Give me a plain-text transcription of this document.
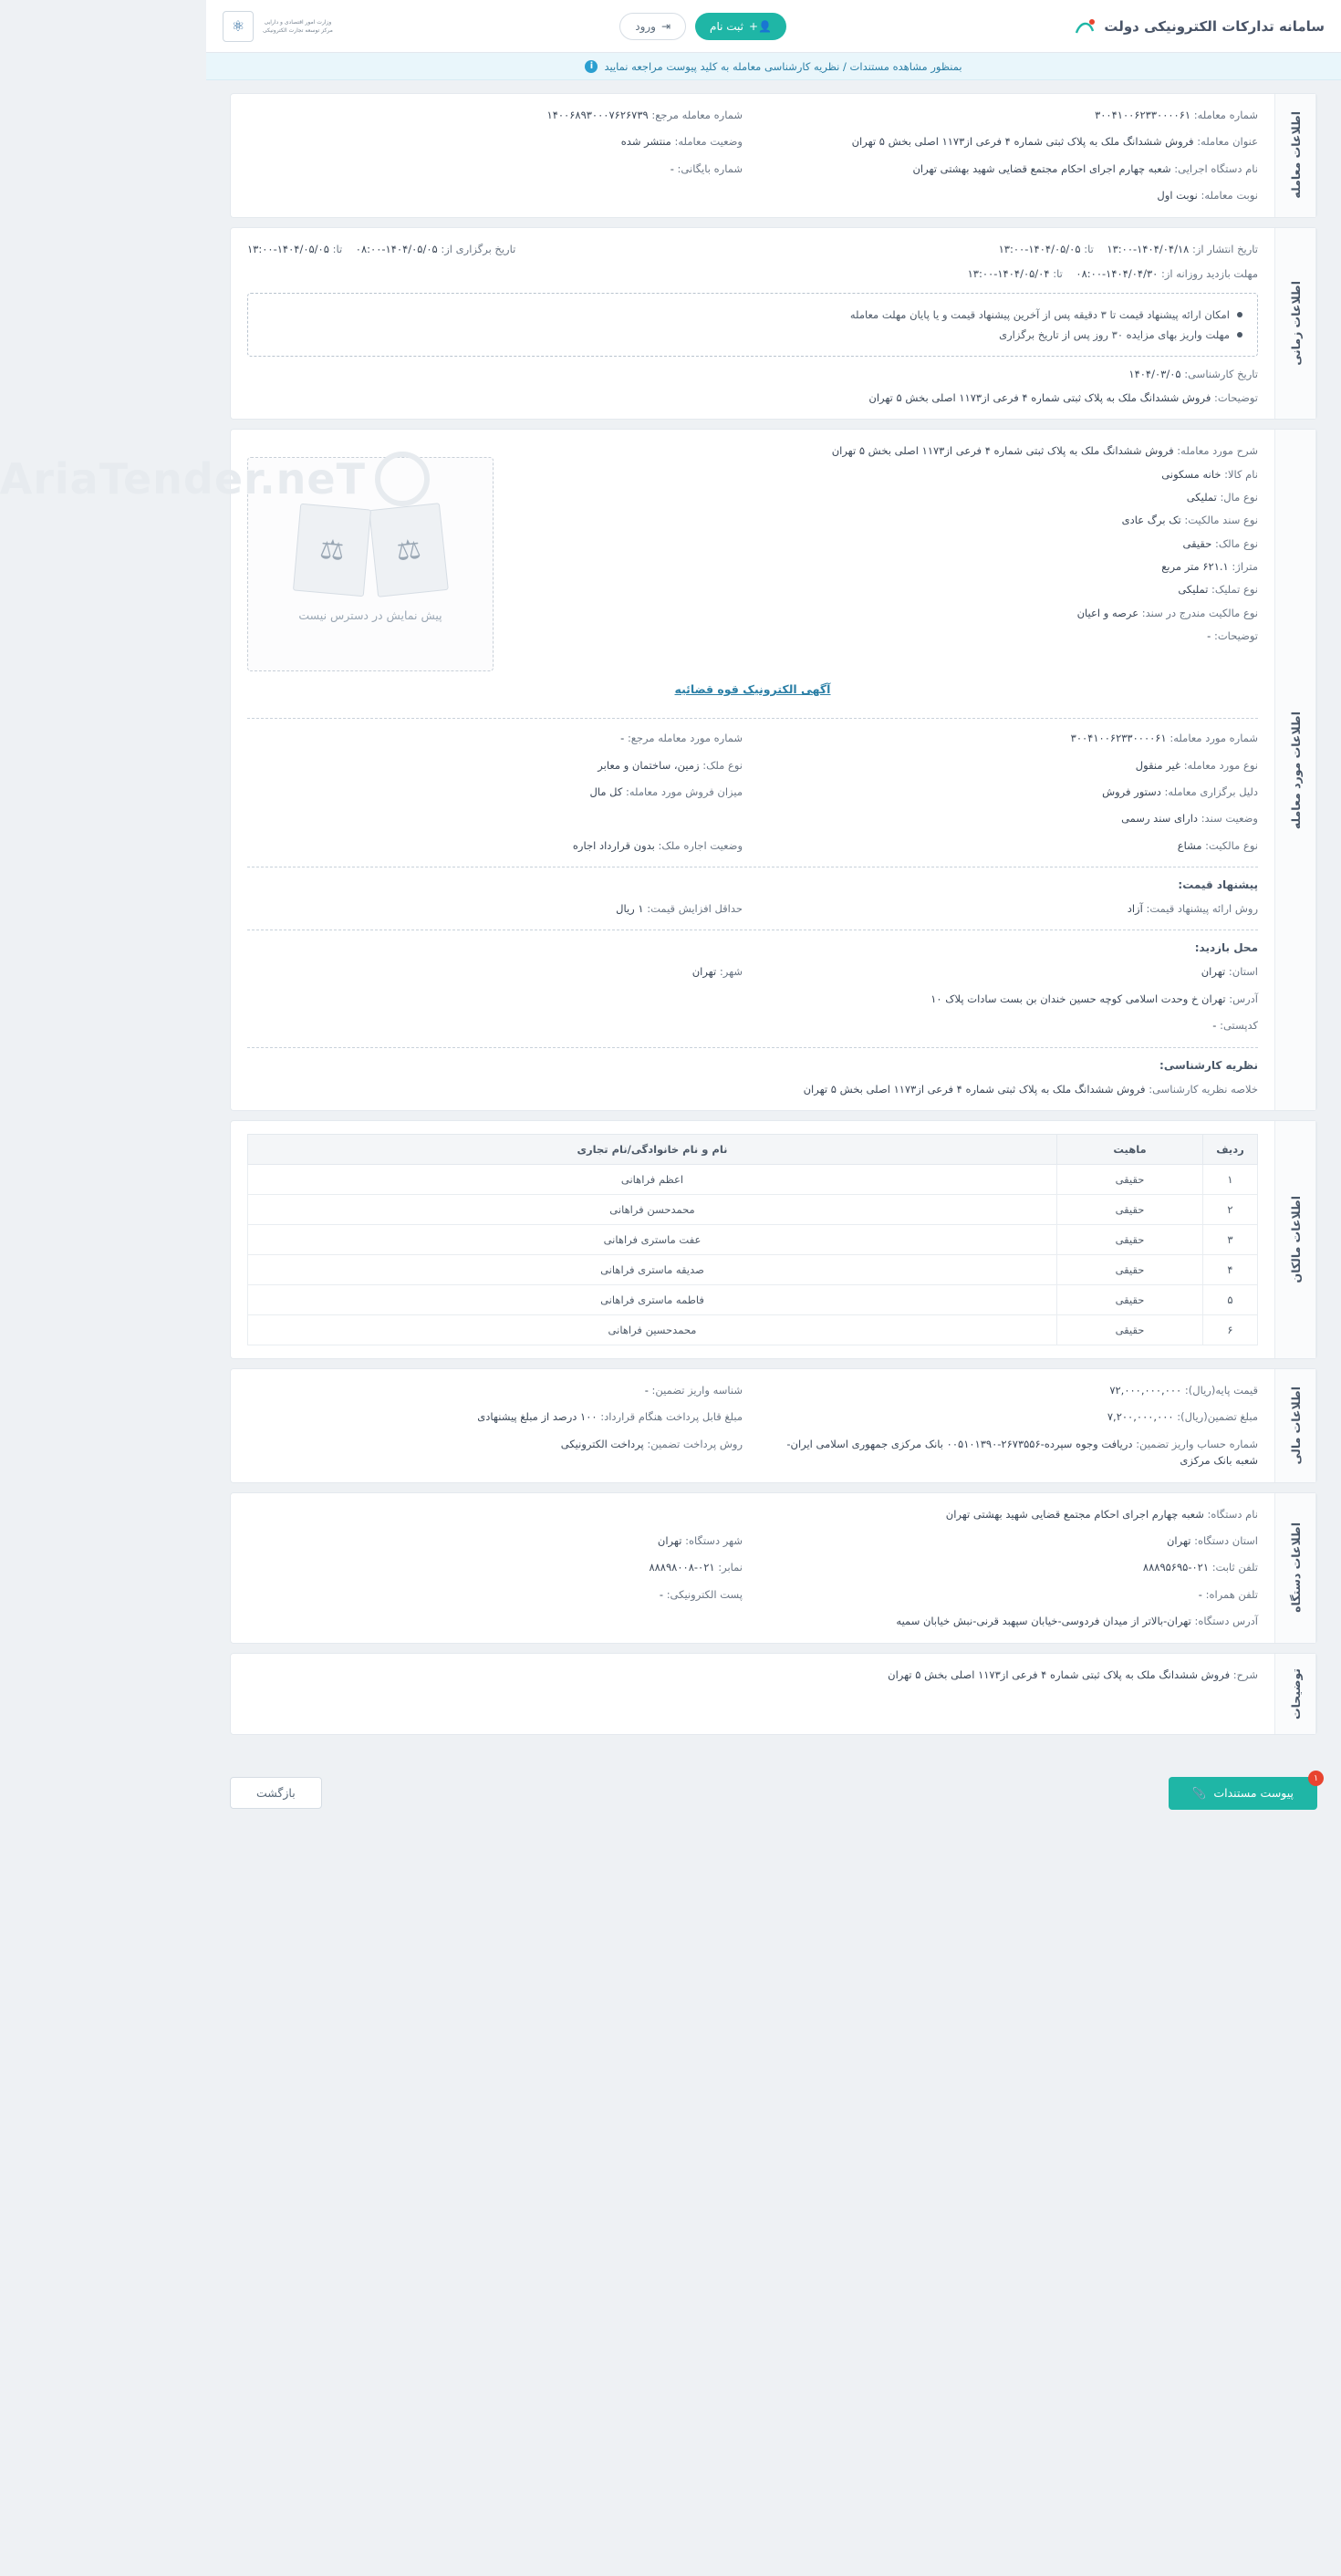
سامانه تدارکات الکترونیکی دولت
👤+
ثبت نام
⇥
ورود
وزارت امور اقتصادی و دارایی
مرکز توسعه تجارت الکترونیکی
⚛
بمنظور مشاهده مستندات / نظریه کارشناسی معامله به کلید پیوست مراجعه نمایید
i
اطلاعات معامله
شماره معامله: ۳۰۰۴۱۰۰۶۲۳۳۰۰۰۰۶۱
شماره معامله مرجع: ۱۴۰۰۶۸۹۳۰۰۰۷۶۲۶۷۳۹
عنوان معامله: فروش ششدانگ ملک به پلاک ثبتی شماره ۴ فرعی از۱۱۷۳ اصلی بخش ۵ تهران
وضعیت معامله: منتشر شده
نام دستگاه اجرایی: شعبه چهارم اجرای احکام مجتمع قضایی شهید بهشتی تهران
شماره بایگانی: -
نوبت معامله: نوبت اول
اطلاعات زمانی
تاریخ انتشار از: ۱۴۰۴/۰۴/۱۸-۱۳:۰۰    تا: ۱۴۰۴/۰۵/۰۵-۱۳:۰۰
تاریخ برگزاری از: ۱۴۰۴/۰۵/۰۵-۰۸:۰۰    تا: ۱۴۰۴/۰۵/۰۵-۱۳:۰۰
مهلت بازدید روزانه از: ۱۴۰۴/۰۴/۳۰-۰۸:۰۰    تا: ۱۴۰۴/۰۵/۰۴-۱۳:۰۰
امکان ارائه پیشنهاد قیمت تا ۳ دقیقه پس از آخرین پیشنهاد قیمت و یا پایان مهلت معامله
مهلت واریز بهای مزایده ۳۰ روز پس از تاریخ برگزاری
تاریخ کارشناسی: ۱۴۰۴/۰۳/۰۵
توضیحات: فروش ششدانگ ملک به پلاک ثبتی شماره ۴ فرعی از۱۱۷۳ اصلی بخش ۵ تهران
اطلاعات مورد معامله
شرح مورد معامله: فروش ششدانگ ملک به پلاک ثبتی شماره ۴ فرعی از۱۱۷۳ اصلی بخش ۵ تهران
نام کالا: خانه مسکونی
نوع مال: تملیکی
نوع سند مالکیت: تک برگ عادی
نوع مالک: حقیقی
متراژ: ۶۲۱.۱ متر مربع
نوع تملیک: تملیکی
نوع مالکیت مندرج در سند: عرصه و اعیان
توضیحات: -
AriaTender.neT
⚖
⚖
پیش نمایش در دسترس نیست
آگهی الکترونیک قوه قضائیه
شماره مورد معامله: ۳۰۰۴۱۰۰۶۲۳۳۰۰۰۰۶۱
شماره مورد معامله مرجع: -
نوع مورد معامله: غیر منقول
نوع ملک: زمین، ساختمان و معابر
دلیل برگزاری معامله: دستور فروش
میزان فروش مورد معامله: کل مال
وضعیت سند: دارای سند رسمی
نوع مالکیت: مشاع
وضعیت اجاره ملک: بدون قرارداد اجاره
پیشنهاد قیمت:
روش ارائه پیشنهاد قیمت: آزاد
حداقل افزایش قیمت: ۱ ریال
محل بازدید:
استان: تهران
شهر: تهران
آدرس: تهران خ وحدت اسلامی کوچه حسین خندان بن بست سادات پلاک ۱۰
کدپستی: -
نظریه کارشناسی:
خلاصه نظریه کارشناسی: فروش ششدانگ ملک به پلاک ثبتی شماره ۴ فرعی از۱۱۷۳ اصلی بخش ۵ تهران
اطلاعات مالکان
ردیف	ماهیت	نام و نام خانوادگی/نام تجاری
۱	حقیقی	اعظم فراهانی
۲	حقیقی	محمدحسن فراهانی
۳	حقیقی	عفت ماستری فراهانی
۴	حقیقی	صدیقه ماستری فراهانی
۵	حقیقی	فاطمه ماستری فراهانی
۶	حقیقی	محمدحسین فراهانی
اطلاعات مالی
قیمت پایه(ریال): ۷۲,۰۰۰,۰۰۰,۰۰۰
شناسه واریز تضمین: -
مبلغ تضمین(ریال): ۷,۲۰۰,۰۰۰,۰۰۰
مبلغ قابل پرداخت هنگام قرارداد: ۱۰۰ درصد از مبلغ پیشنهادی
شماره حساب واریز تضمین: دریافت وجوه سپرده-۲۶۷۳۵۵۶-۰۰۵۱۰۱۳۹۰ بانک مرکزی جمهوری اسلامی ایران- شعبه بانک مرکزی
روش پرداخت تضمین: پرداخت الکترونیکی
اطلاعات دستگاه
نام دستگاه: شعبه چهارم اجرای احکام مجتمع قضایی شهید بهشتی تهران
استان دستگاه: تهران
شهر دستگاه: تهران
تلفن ثابت: ۰۲۱-۸۸۸۹۵۶۹۵
نمابر: ۰۲۱-۸۸۸۹۸۰۰۸
تلفن همراه: -
پست الکترونیکی: -
آدرس دستگاه: تهران-بالاتر از میدان فردوسی-خیابان سپهبد قرنی-نبش خیابان سمیه
توضیحات
شرح: فروش ششدانگ ملک به پلاک ثبتی شماره ۴ فرعی از۱۱۷۳ اصلی بخش ۵ تهران
۱
پیوست مستندات
📎
بازگشت
